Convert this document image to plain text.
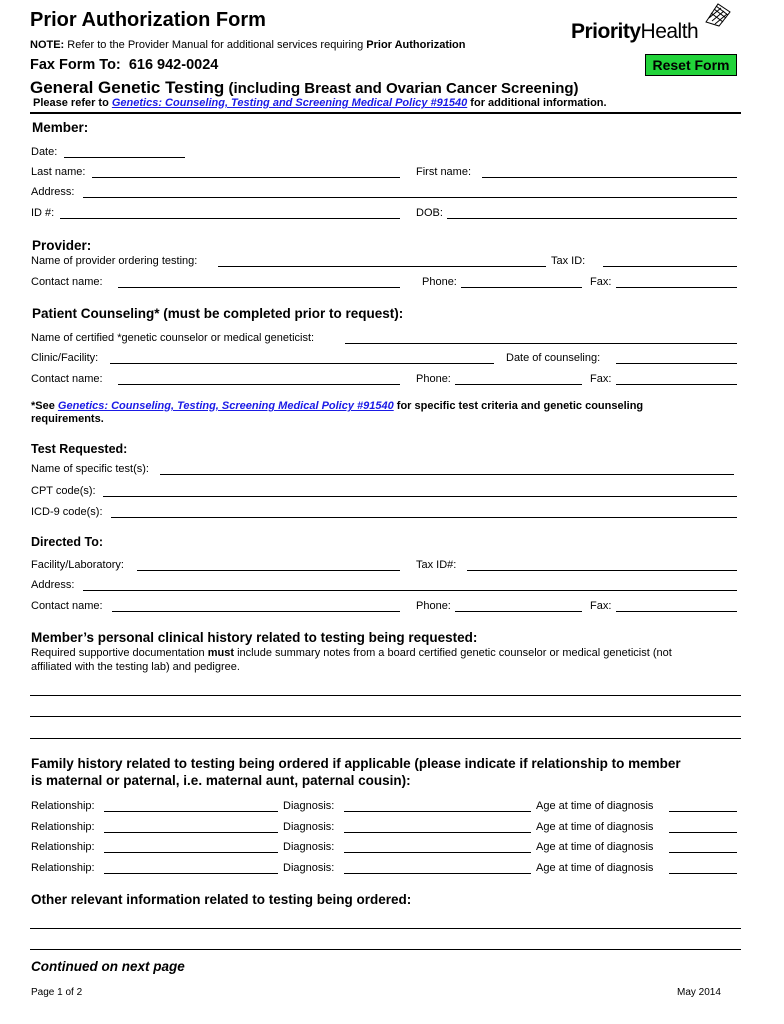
Prior Authorization Form
NOTE: Refer to the Provider Manual for additional services requiring Prior Authorization
PriorityHealth
Fax Form To: 616 942-0024	Reset Form
General Genetic Testing (including Breast and Ovarian Cancer Screening)
Please refer to Genetics: Counseling, Testing and Screening Medical Policy #91540 for additional information.
Member:
Date:
Last name:	First name:
Address:
ID #:	DOB:
Provider:
Name of provider ordering testing:	Tax ID:
Contact name:	Phone:	Fax:
Patient Counseling* (must be completed prior to request):
Name of certified *genetic counselor or medical geneticist:
Clinic/Facility:	Date of counseling:
Contact name:	Phone:	Fax:
*See Genetics: Counseling, Testing, Screening Medical Policy #91540 for specific test criteria and genetic counseling
requirements.
Test Requested:
Name of specific test(s):
CPT code(s):
ICD-9 code(s):
Directed To:
Facility/Laboratory:	Tax ID#:
Address:
Contact name:	Phone:	Fax:
Member’s personal clinical history related to testing being requested:
Required supportive documentation must include summary notes from a board certified genetic counselor or medical geneticist (not
affiliated with the testing lab) and pedigree.
Family history related to testing being ordered if applicable (please indicate if relationship to member
is maternal or paternal, i.e. maternal aunt, paternal cousin):
Relationship:	Diagnosis:	Age at time of diagnosis
Relationship:	Diagnosis:	Age at time of diagnosis
Relationship:	Diagnosis:	Age at time of diagnosis
Relationship:	Diagnosis:	Age at time of diagnosis
Other relevant information related to testing being ordered:
Continued on next page
Page 1 of 2	May 2014
